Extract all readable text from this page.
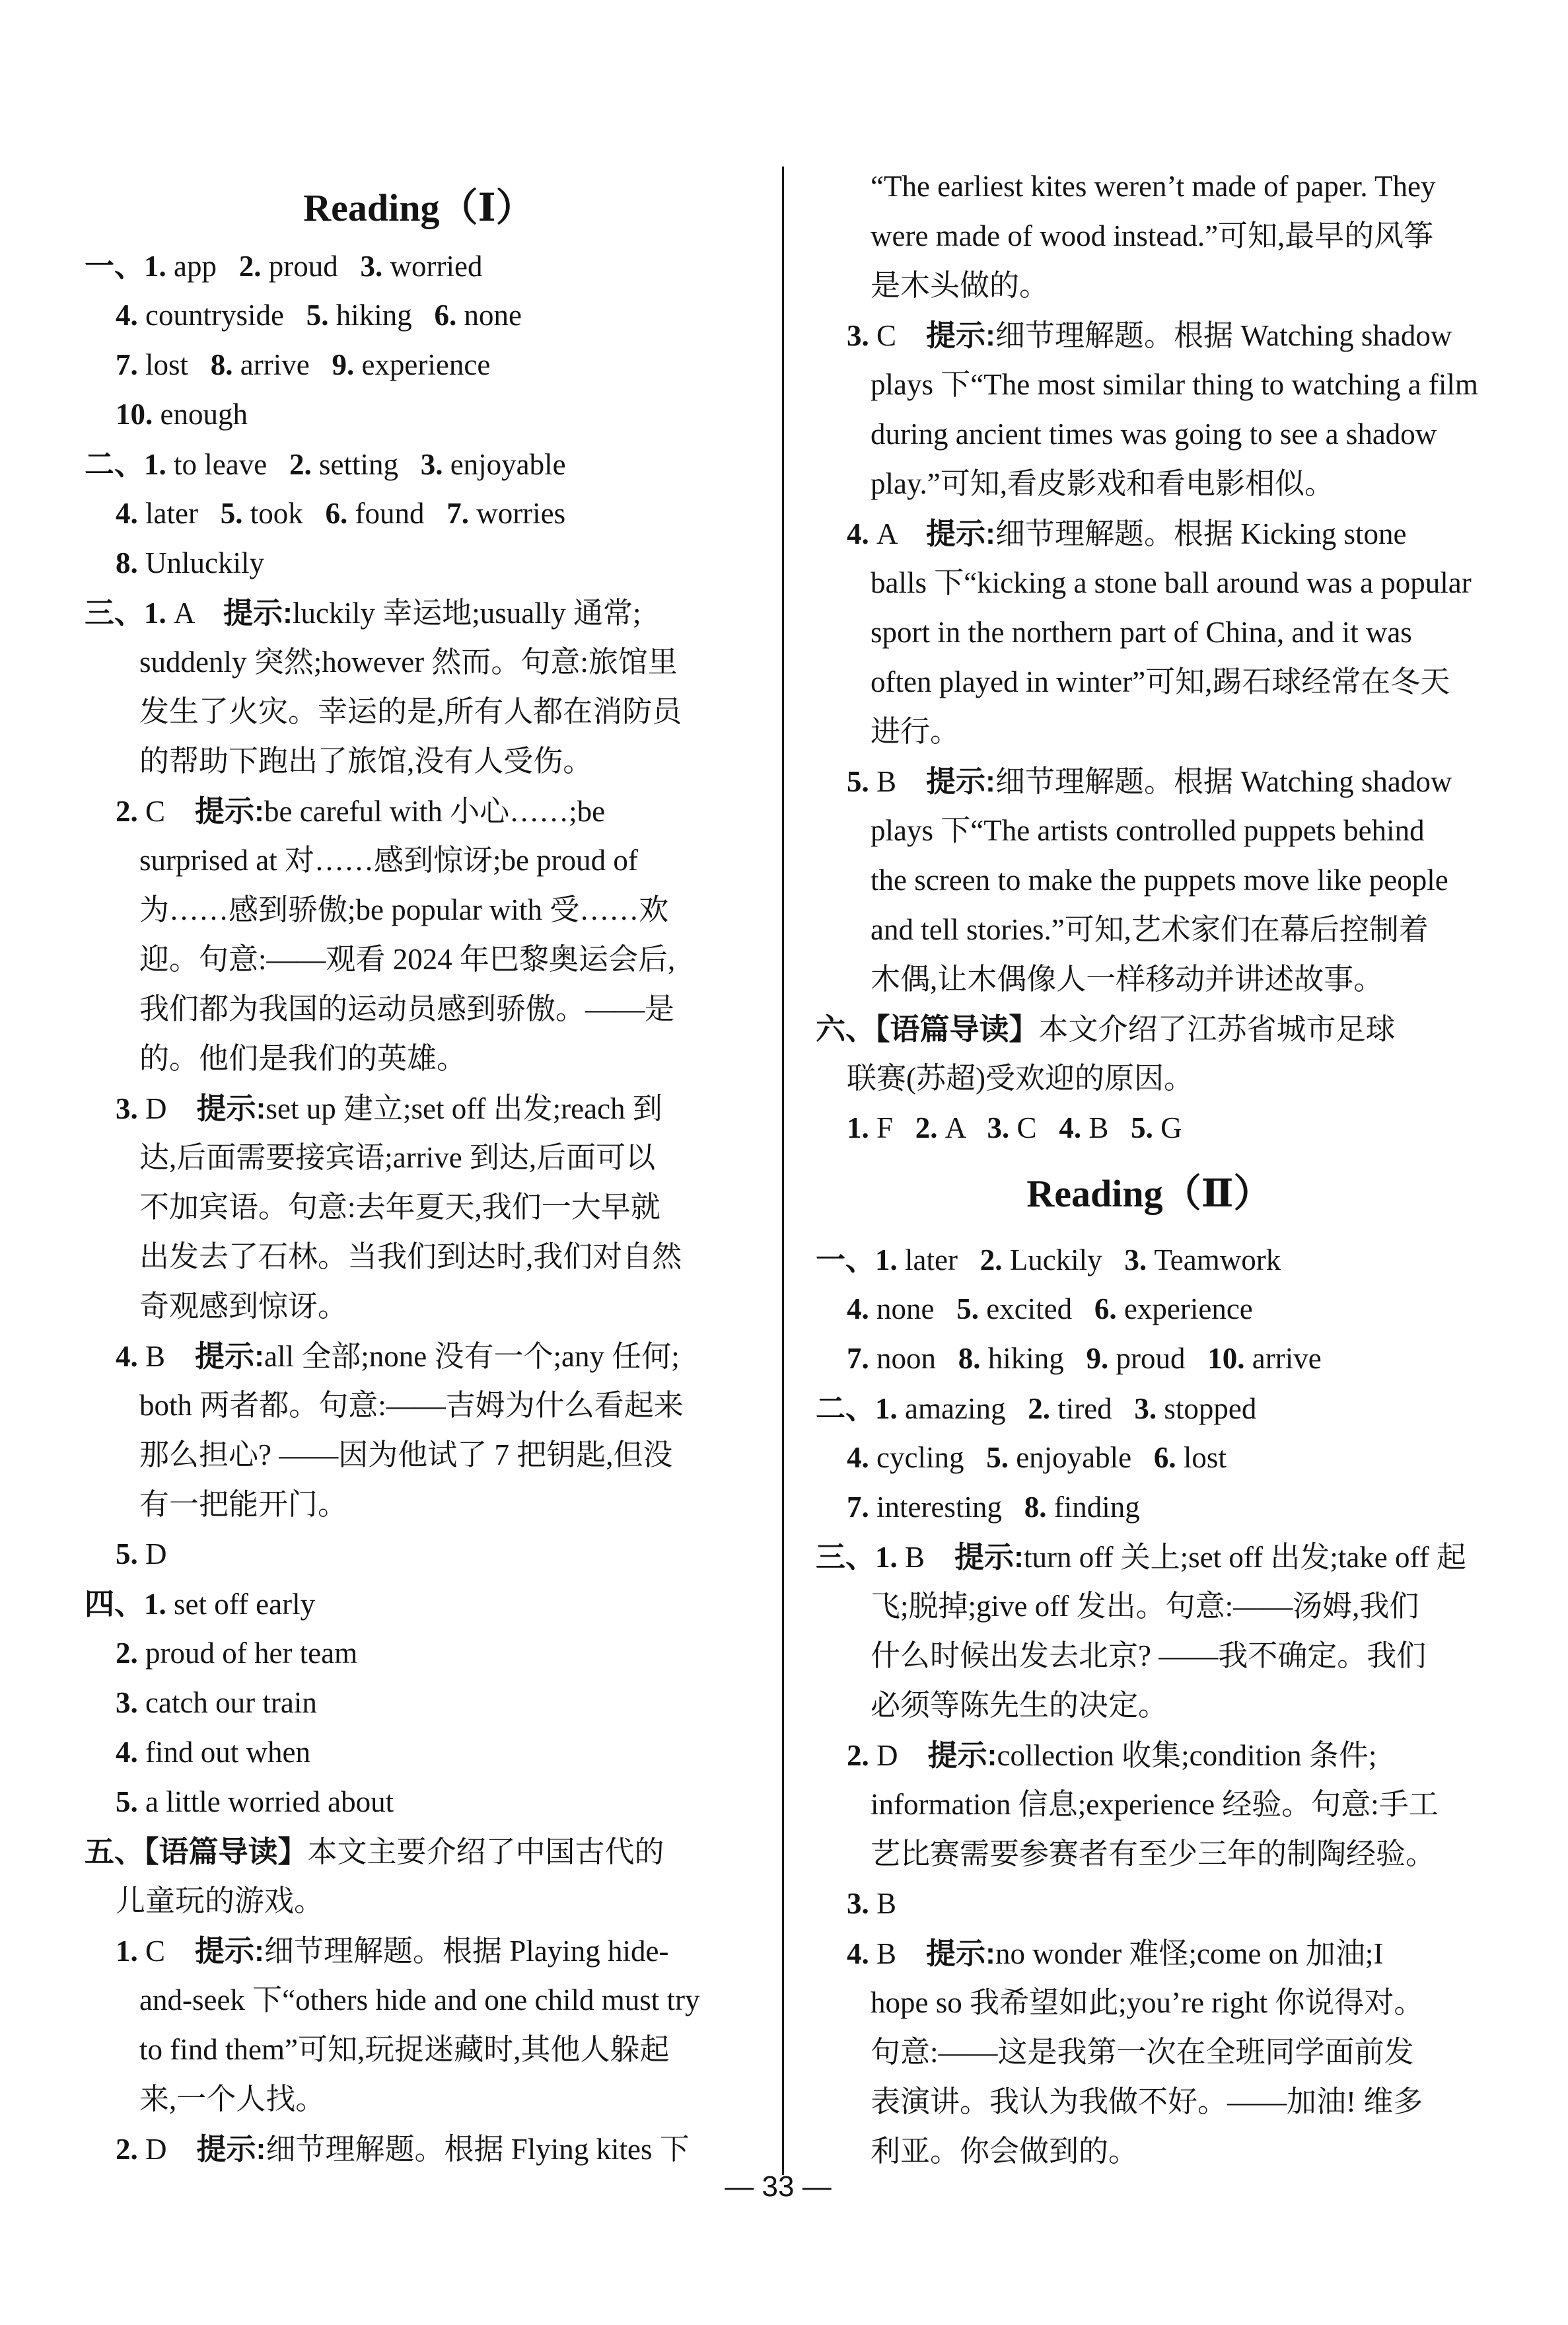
Reading（Ⅰ）
一、1. app   2. proud   3. worried
4. countryside   5. hiking   6. none
7. lost   8. arrive   9. experience
10. enough
二、1. to leave   2. setting   3. enjoyable
4. later   5. took   6. found   7. worries
8. Unluckily
三、1. A    提示:luckily 幸运地;usually 通常;
suddenly 突然;however 然而。句意:旅馆里
发生了火灾。幸运的是,所有人都在消防员
的帮助下跑出了旅馆,没有人受伤。
2. C    提示:be careful with 小心……;be
surprised at 对……感到惊讶;be proud of
为……感到骄傲;be popular with 受……欢
迎。句意:——观看 2024 年巴黎奥运会后,
我们都为我国的运动员感到骄傲。——是
的。他们是我们的英雄。
3. D    提示:set up 建立;set off 出发;reach 到
达,后面需要接宾语;arrive 到达,后面可以
不加宾语。句意:去年夏天,我们一大早就
出发去了石林。当我们到达时,我们对自然
奇观感到惊讶。
4. B    提示:all 全部;none 没有一个;any 任何;
both 两者都。句意:——吉姆为什么看起来
那么担心? ——因为他试了 7 把钥匙,但没
有一把能开门。
5. D
四、1. set off early
2. proud of her team
3. catch our train
4. find out when
5. a little worried about
五、【语篇导读】本文主要介绍了中国古代的
儿童玩的游戏。
1. C    提示:细节理解题。根据 Playing hide-
and-seek 下“others hide and one child must try
to find them”可知,玩捉迷藏时,其他人躲起
来,一个人找。
2. D    提示:细节理解题。根据 Flying kites 下
“The earliest kites weren’t made of paper. They
were made of wood instead.”可知,最早的风筝
是木头做的。
3. C    提示:细节理解题。根据 Watching shadow
plays 下“The most similar thing to watching a film
during ancient times was going to see a shadow
play.”可知,看皮影戏和看电影相似。
4. A    提示:细节理解题。根据 Kicking stone
balls 下“kicking a stone ball around was a popular
sport in the northern part of China, and it was
often played in winter”可知,踢石球经常在冬天
进行。
5. B    提示:细节理解题。根据 Watching shadow
plays 下“The artists controlled puppets behind
the screen to make the puppets move like people
and tell stories.”可知,艺术家们在幕后控制着
木偶,让木偶像人一样移动并讲述故事。
六、【语篇导读】本文介绍了江苏省城市足球
联赛(苏超)受欢迎的原因。
1. F   2. A   3. C   4. B   5. G
Reading（Ⅱ）
一、1. later   2. Luckily   3. Teamwork
4. none   5. excited   6. experience
7. noon   8. hiking   9. proud   10. arrive
二、1. amazing   2. tired   3. stopped
4. cycling   5. enjoyable   6. lost
7. interesting   8. finding
三、1. B    提示:turn off 关上;set off 出发;take off 起
飞;脱掉;give off 发出。句意:——汤姆,我们
什么时候出发去北京? ——我不确定。我们
必须等陈先生的决定。
2. D    提示:collection 收集;condition 条件;
information 信息;experience 经验。句意:手工
艺比赛需要参赛者有至少三年的制陶经验。
3. B
4. B    提示:no wonder 难怪;come on 加油;I
hope so 我希望如此;you’re right 你说得对。
句意:——这是我第一次在全班同学面前发
表演讲。我认为我做不好。——加油! 维多
利亚。你会做到的。
— 33 —
